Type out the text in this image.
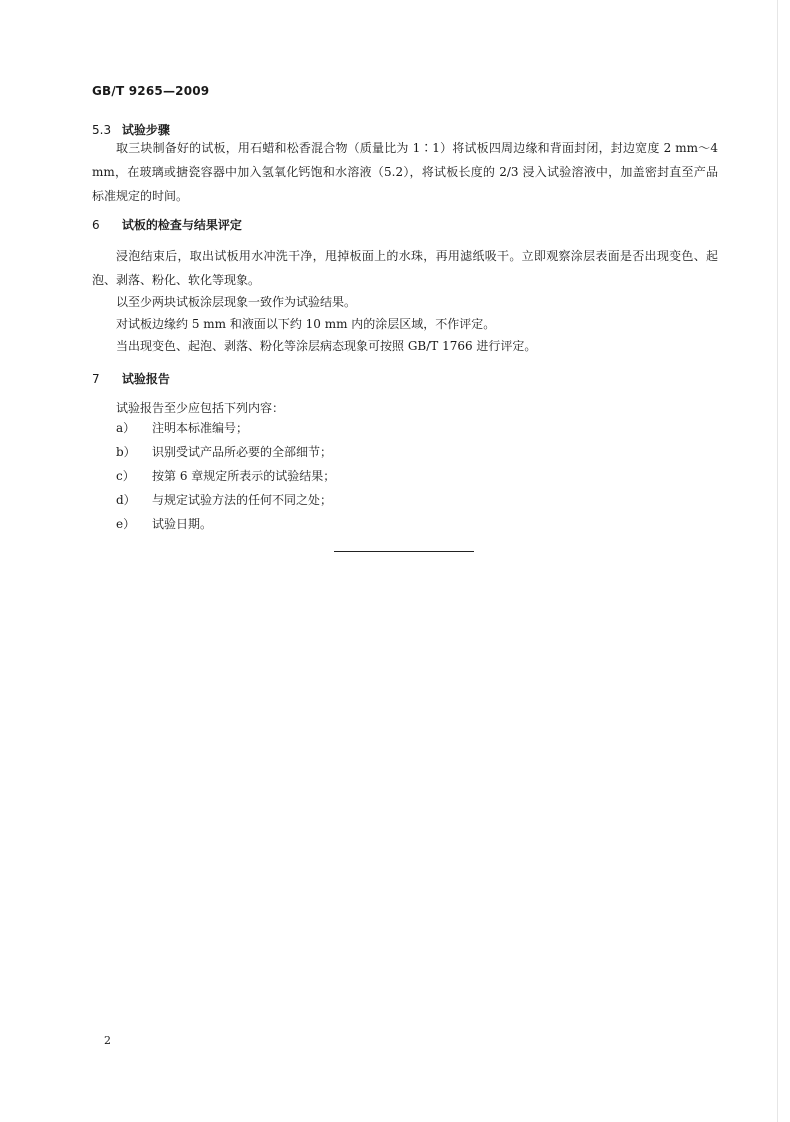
GB/T 9265—2009
5.3 试验步骤
取三块制备好的试板，用石蜡和松香混合物（质量比为 1∶1）将试板四周边缘和背面封闭，封边宽度 2 mm～4 mm，在玻璃或搪瓷容器中加入氢氧化钙饱和水溶液（5.2），将试板长度的 2/3 浸入试验溶液中，加盖密封直至产品标准规定的时间。
6 试板的检查与结果评定
浸泡结束后，取出试板用水冲洗干净，甩掉板面上的水珠，再用滤纸吸干。立即观察涂层表面是否出现变色、起泡、剥落、粉化、软化等现象。
以至少两块试板涂层现象一致作为试验结果。
对试板边缘约 5 mm 和液面以下约 10 mm 内的涂层区域，不作评定。
当出现变色、起泡、剥落、粉化等涂层病态现象可按照 GB/T 1766 进行评定。
7 试验报告
试验报告至少应包括下列内容：
a） 注明本标准编号；
b） 识别受试产品所必要的全部细节；
c） 按第 6 章规定所表示的试验结果；
d） 与规定试验方法的任何不同之处；
e） 试验日期。
2
